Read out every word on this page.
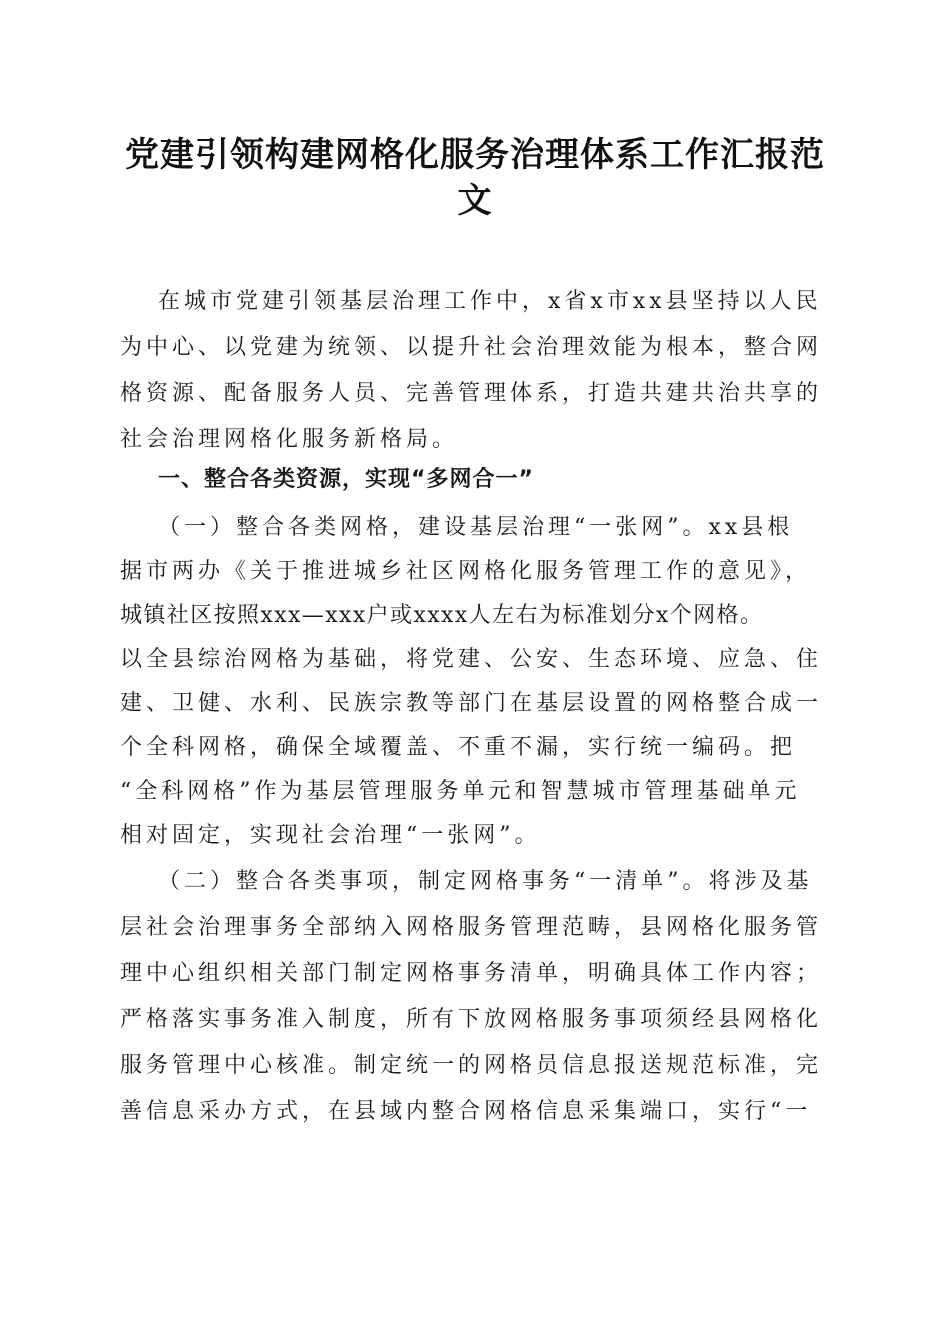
党建引领构建网格化服务治理体系工作汇报范
文
在城市党建引领基层治理工作中，x省x市xx县坚持以人民
为中心、以党建为统领、以提升社会治理效能为根本，整合网
格资源、配备服务人员、完善管理体系，打造共建共治共享的
社会治理网格化服务新格局。
一、整合各类资源，实现“多网合一”
（一）整合各类网格，建设基层治理“一张网”。xx县根
据市两办《关于推进城乡社区网格化服务管理工作的意见》，
城镇社区按照xxx—xxx户或xxxx人左右为标准划分x个网格。
以全县综治网格为基础，将党建、公安、生态环境、应急、住
建、卫健、水利、民族宗教等部门在基层设置的网格整合成一
个全科网格，确保全域覆盖、不重不漏，实行统一编码。把
“全科网格”作为基层管理服务单元和智慧城市管理基础单元
相对固定，实现社会治理“一张网”。
（二）整合各类事项，制定网格事务“一清单”。将涉及基
层社会治理事务全部纳入网格服务管理范畴，县网格化服务管
理中心组织相关部门制定网格事务清单，明确具体工作内容；
严格落实事务准入制度，所有下放网格服务事项须经县网格化
服务管理中心核准。制定统一的网格员信息报送规范标准，完
善信息采办方式，在县域内整合网格信息采集端口，实行“一
